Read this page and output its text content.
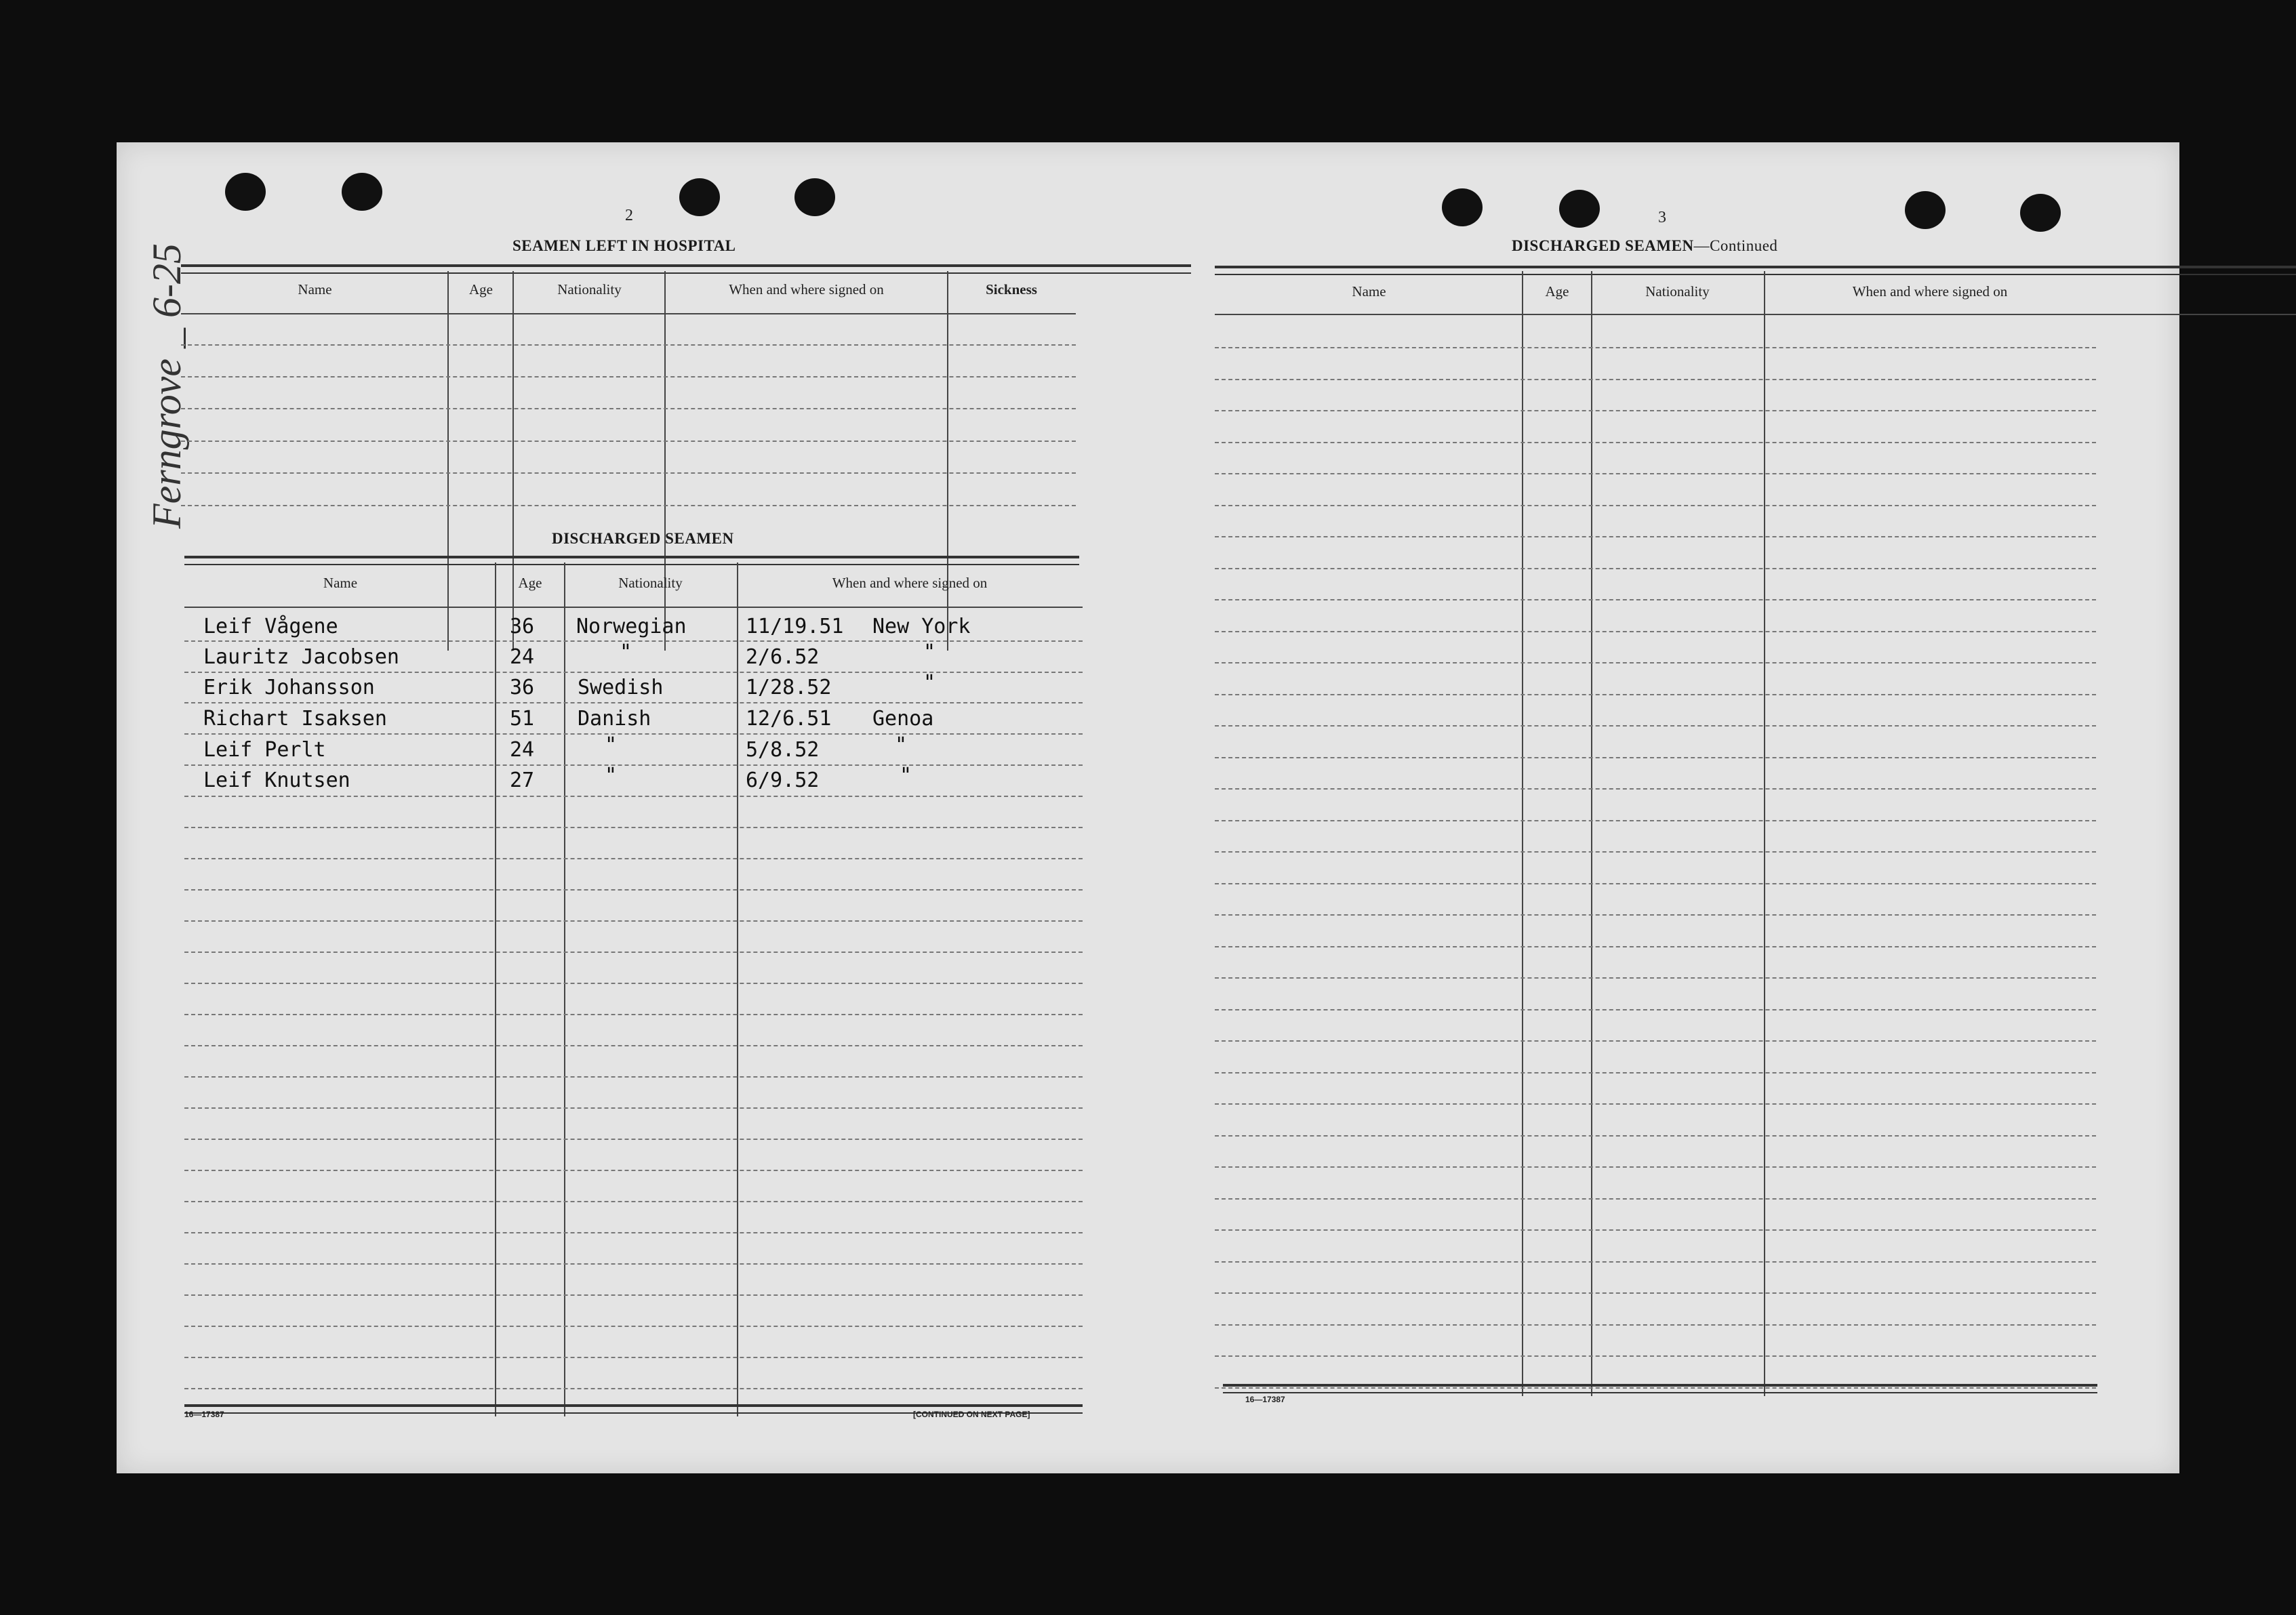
Ferngrove _ 6-25
2
SEAMEN LEFT IN HOSPITAL
Name	Age	Nationality	When and where signed on	Sickness
DISCHARGED SEAMEN
Name	Age	Nationality	When and where signed on
Leif Vågene	36 Norwegian	11/19.51 New York
Lauritz Jacobsen	24	"	2/6.52	"
Erik Johansson	36 Swedish	1/28.52	"
Richart Isaksen	51 Danish	12/6.51 Genoa
Leif Perlt	24	"	5/8.52	"
Leif Knutsen	27	"	6/9.52	"
16—17387	[CONTINUED ON NEXT PAGE]
3
DISCHARGED SEAMEN—Continued
Name	Age	Nationality	When and where signed on
16—17387
